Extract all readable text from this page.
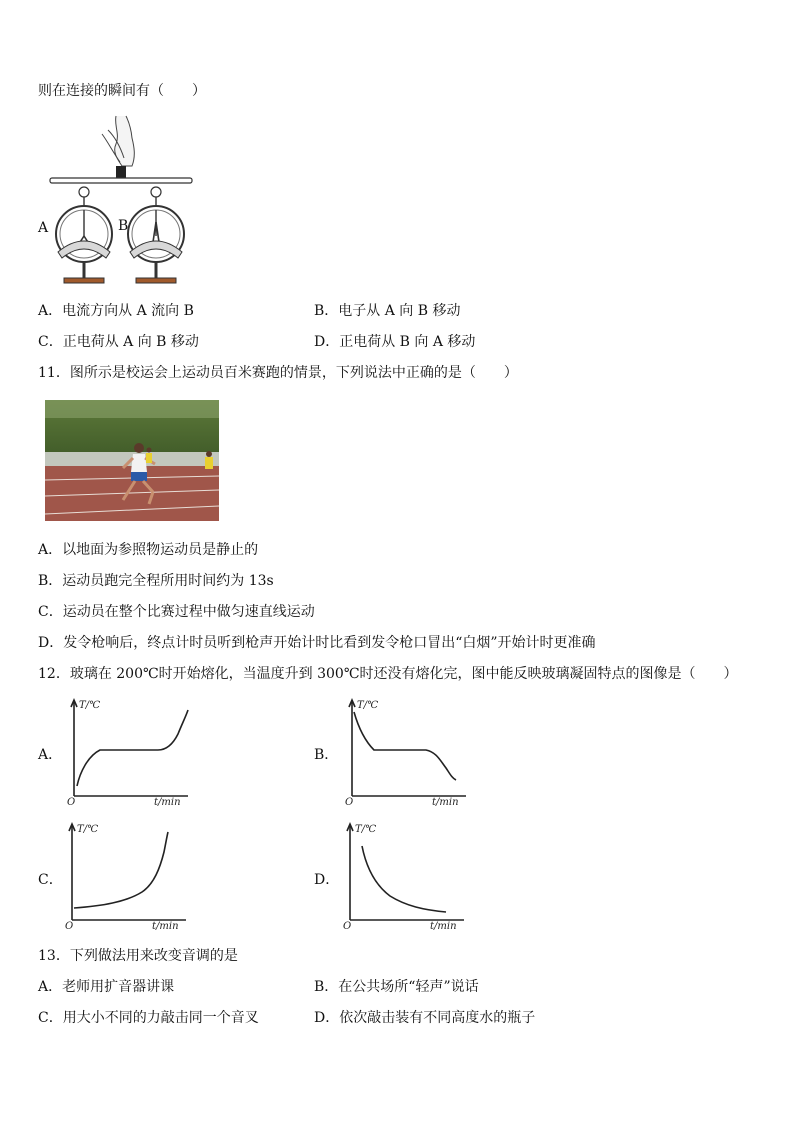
则在连接的瞬间有（　　）
A	B
A．电流方向从 A 流向 B	B．电子从 A 向 B 移动
C．正电荷从 A 向 B 移动	D．正电荷从 B 向 A 移动
11．图所示是校运会上运动员百米赛跑的情景，下列说法中正确的是（　　）
A．以地面为参照物运动员是静止的
B．运动员跑完全程所用时间约为 13s
C．运动员在整个比赛过程中做匀速直线运动
D．发令枪响后，终点计时员听到枪声开始计时比看到发令枪口冒出“白烟”开始计时更准确
12．玻璃在 200℃时开始熔化，当温度升到 300℃时还没有熔化完，图中能反映玻璃凝固特点的图像是（　　）
A．
T/℃
t/min
O
B．
T/℃
t/min
O
C．
T/℃
t/min
O
D．
T/℃
t/min
O
13．下列做法用来改变音调的是
A．老师用扩音器讲课	B．在公共场所“轻声”说话
C．用大小不同的力敲击同一个音叉	D．依次敲击装有不同高度水的瓶子
